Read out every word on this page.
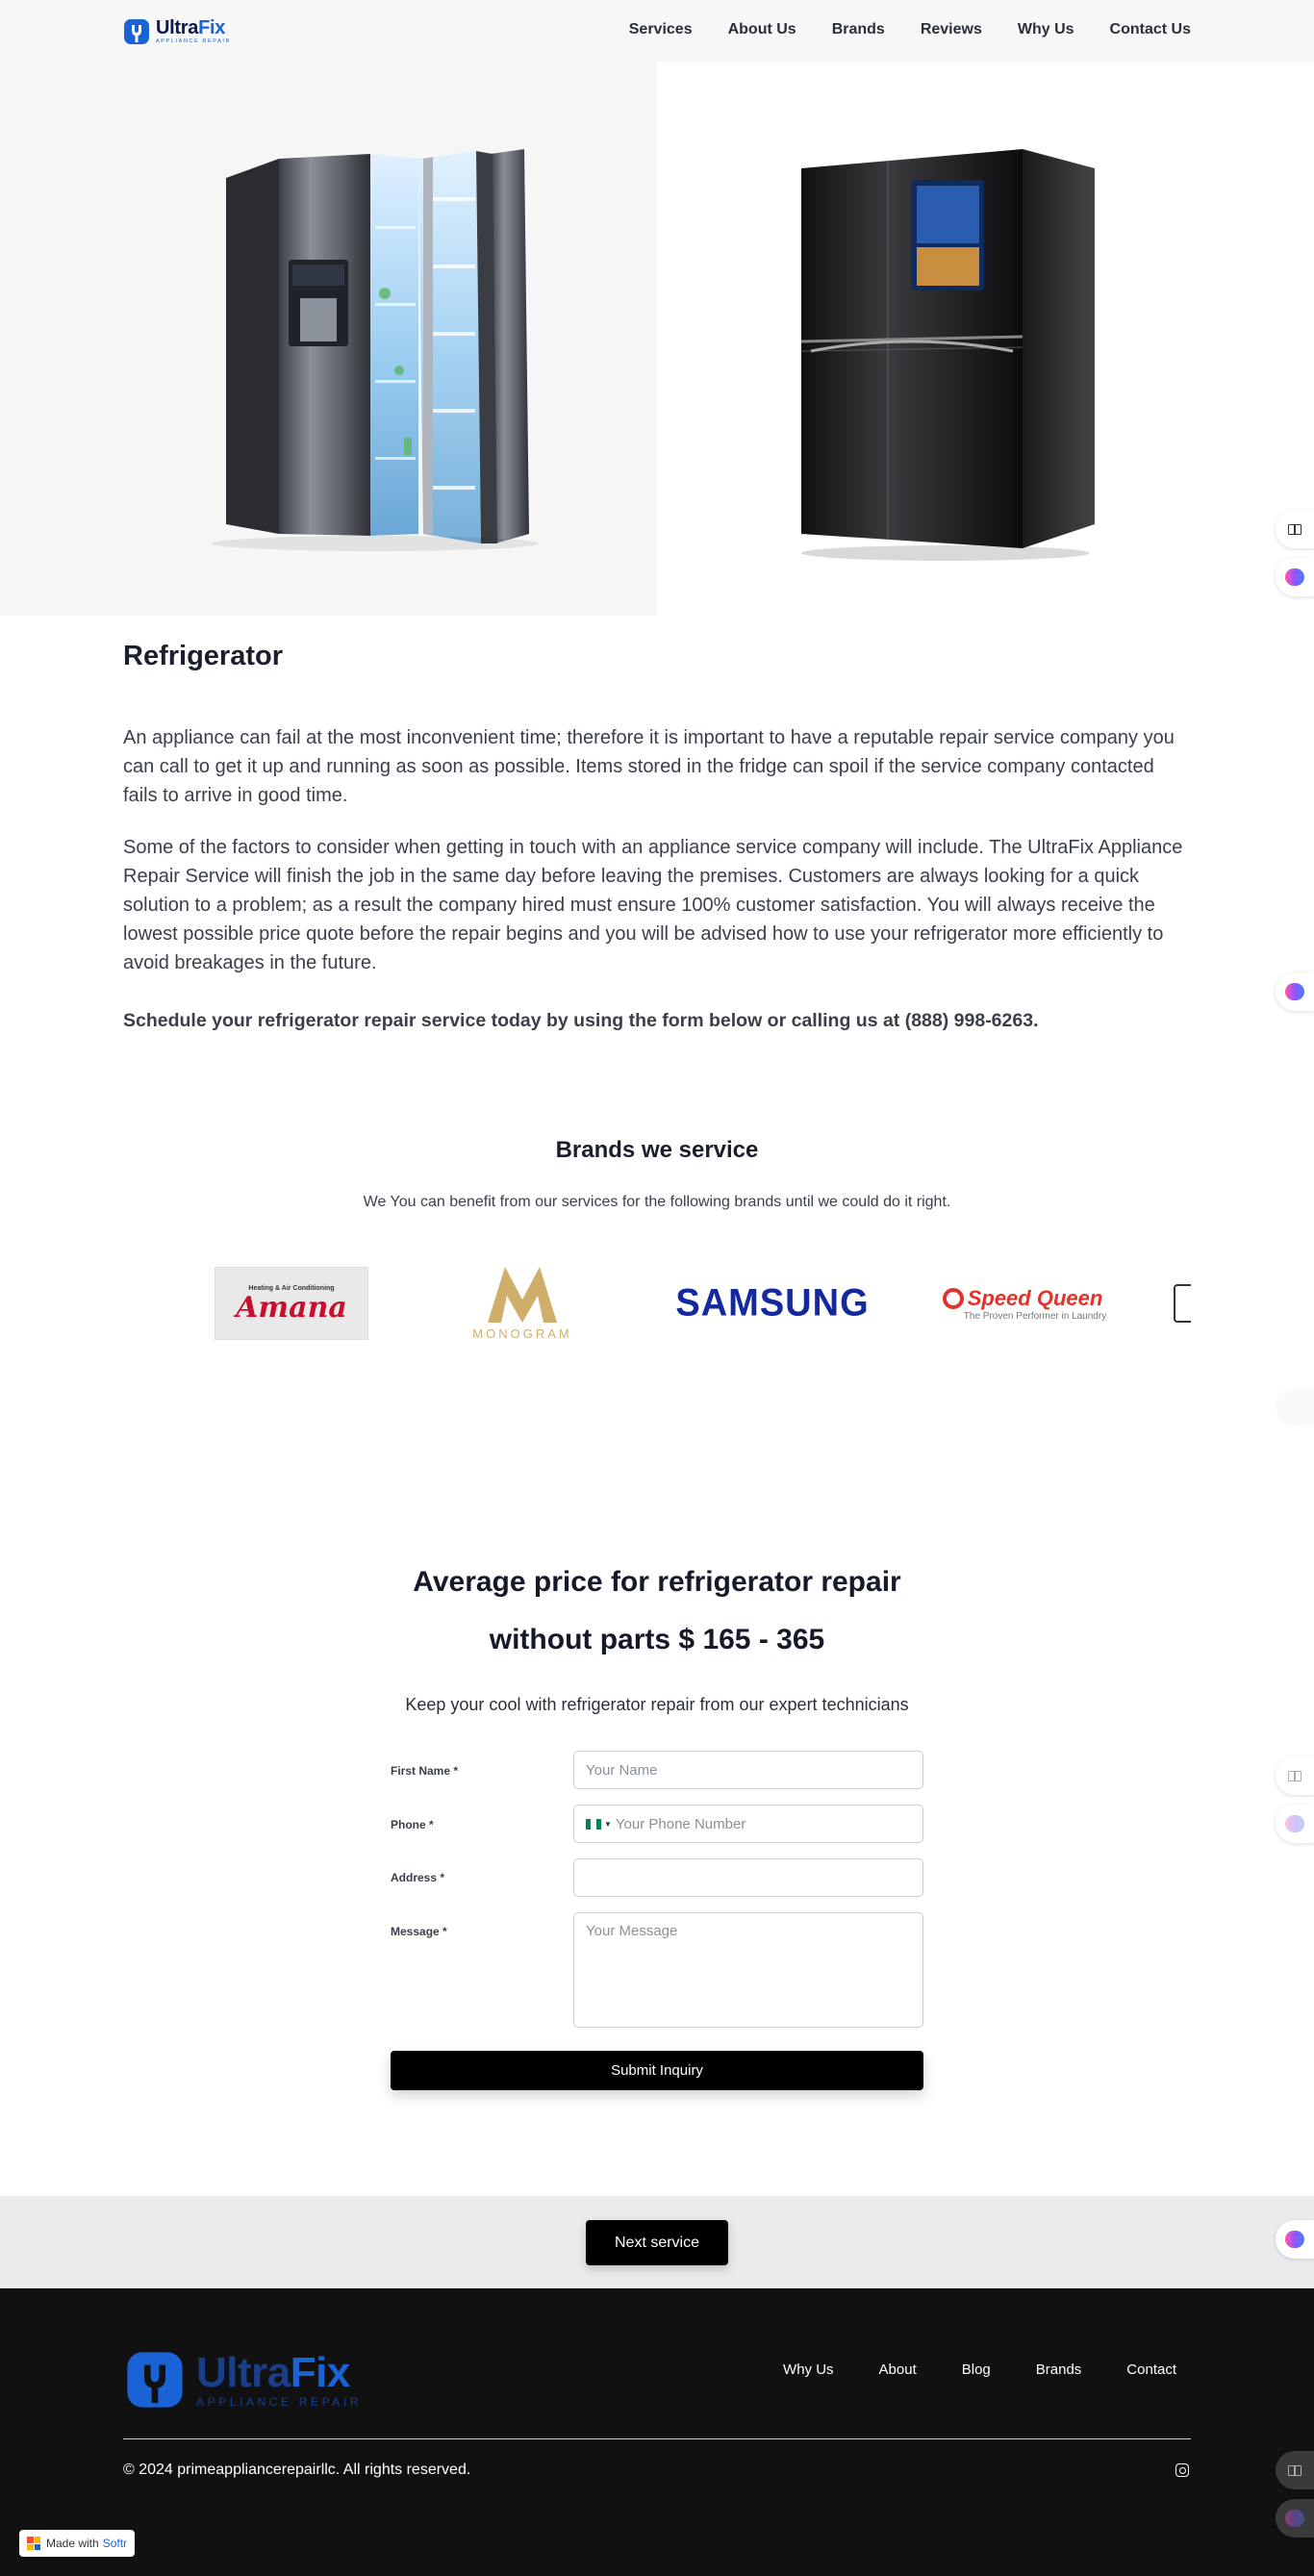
UltraFix
APPLIANCE REPAIR
Services About Us Brands Reviews Why Us Contact Us
Refrigerator

An appliance can fail at the most inconvenient time; therefore it is important to have a reputable repair service company you can call to get it up and running as soon as possible. Items stored in the fridge can spoil if the service company contacted fails to arrive in good time.

Some of the factors to consider when getting in touch with an appliance service company will include. The UltraFix Appliance Repair Service will finish the job in the same day before leaving the premises. Customers are always looking for a quick solution to a problem; as a result the company hired must ensure 100% customer satisfaction. You will always receive the lowest possible price quote before the repair begins and you will be advised how to use your refrigerator more efficiently to avoid breakages in the future.

Schedule your refrigerator repair service today by using the form below or calling us at (888) 998-6263.

Brands we service
We You can benefit from our services for the following brands until we could do it right.
Heating & Air Conditioning
Amana
MONOGRAM
SAMSUNG	Speed Queen
The Proven Performer in Laundry
Average price for refrigerator repair
without parts $ 165 - 365
Keep your cool with refrigerator repair from our expert technicians
First Name *
Your Name
Phone *	▼
Your Phone Number
Address *
Message *
Your Message
Submit Inquiry
Next service
UltraFix
APPLIANCE REPAIR
Why Us	About	Blog	Brands	Contact
© 2024 primeappliancerepairllc. All rights reserved.
Made with Softr
